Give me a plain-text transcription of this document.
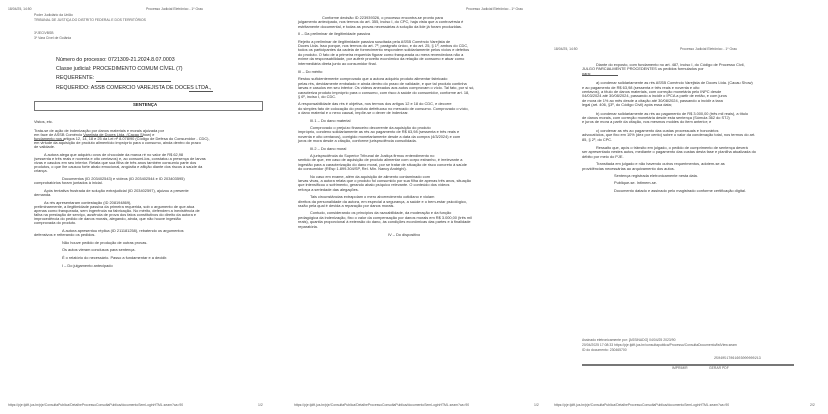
18/04/25, 14:50	Processo Judicial Eletrônico - 1º Grau
Poder Judiciário da União
TRIBUNAL DE JUSTIÇA DO DISTRITO FEDERAL E DOS TERRITÓRIOS
3ºJECIVBSB
3º Vara Cível de Goiânia
Número do processo: 0721309-21.2024.8.07.0003
Classe judicial: PROCEDIMENTO COMUM CÍVEL (7)
REQUERENTE:
REQUERIDO: ASSB COMERCIO VAREJISTA DE DOCES LTDA.,
SENTENÇA
Vistos, etc.
Trata-se de ação de indenização por danos materiais e morais ajuizada por
em face de ASSB Comércio Varejista de Doces Ltda. (Cacau Show) e
fundamento nos artigos 12, 14, 18 e 25 da Lei nº 8.078/90 (Código de Defesa do Consumidor - CDC),
em virtude da aquisição de produto alimentício impróprio para o consumo, ainda dentro do prazo
de validade.
A autora alega que adquiriu ovos de chocolate da marca ré no valor de R$ 62,98
(sessenta e três reais e noventa e oito centavos) e, ao consumi-los, constatou a presença de larvas
vivas e casulos em seu interior. Relata que sua filha de três anos também consumiu parte dos
produtos, o que lhe causou forte abalo emocional, angústia e aflição diante dos riscos à saúde da
criança.
Documentos (ID 203402543) e vídeos (ID 203402544 e ID 203403595)
comprobatórios foram juntados à inicial.
Após tentativa frustrada de solução extrajudicial (ID 203402597), ajuizou a presente
demanda.
As rés apresentaram contestação (ID 208194869),
preliminarmente, a ilegitimidade passiva da primeira requerida, sob o argumento de que atua
apenas como franqueada, sem ingerência na fabricação. No mérito, defendem a inexistência de
falha na prestação de serviço, ausência de prova dos fatos constitutivos do direito da autora e
improcedência do pedido de danos morais, alegando, ainda, que não houve ingestão
comprovada do produto.
A autora apresentou réplica (ID 211181258), rebatendo os argumentos
defensivos e reiterando os pedidos.
Não houve pedido de produção de outras provas.
Os autos vieram conclusos para sentença.
É o relatório do necessário. Passo a fundamentar e a decidir.
I – Do julgamento antecipado
https://pje.tjdft.jus.br/pje/ConsultaPublica/DetalheProcessoConsultaPublica/documentoSemLoginHTML.seam?ca=90	1/2
Processo Judicial Eletrônico - 1º Grau
Conforme decisão ID 223939326, o processo encontra-se pronto para
julgamento antecipado, nos termos do art. 355, inciso I, do CPC, haja vista que a controvérsia é
estritamente documental, e todas as provas necessárias à solução da lide já foram produzidas.
II – Da preliminar de ilegitimidade passiva
Rejeito a preliminar de ilegitimidade passiva suscitada pela ASSB Comércio Varejista de
Doces Ltda. Isso porque, nos termos do art. 7º, parágrafo único, e do art. 25, § 1º, ambos do CDC,
todos os participantes da cadeia de fornecimento respondem solidariamente pelos vícios e defeitos
do produto. O fato de a primeira requerida figurar como franqueada ou mera revendedora não a
exime da responsabilidade, por auferir proveito econômico da relação de consumo e atuar como
intermediária direta junto ao consumidor final.
III – Do mérito
Restou suficientemente comprovado que a autora adquiriu produto alimentar fabricado
pelas rés, devidamente embalado e ainda dentro do prazo de validade, e que tal produto continha
larvas e casulos em seu interior. Os vídeos anexados aos autos comprovam o vício. Tal fato, por si só,
caracteriza produto impróprio para o consumo, com risco à saúde do consumidor, conforme art. 18,
§ 6º, inciso I, do CDC.
A responsabilidade das rés é objetiva, nos termos dos artigos 12 e 18 do CDC, e decorre
do simples fato de colocação do produto defeituoso no mercado de consumo. Comprovado o vício,
o dano material e o nexo causal, impõe-se o dever de indenizar.
III.1 – Do dano material
Comprovado o prejuízo financeiro decorrente da aquisição do produto
impróprio, condeno solidariamente as rés ao pagamento de R$ 63,98 (sessenta e três reais e
noventa e oito centavos), corrigido monetariamente desde a data da compra (4/3/2024) e com
juros de mora desde a citação, conforme jurisprudência consolidada.
III.2 – Do dano moral
A jurisprudência do Superior Tribunal de Justiça firmou entendimento no
sentido de que, em caso de aquisição de produto alimentar com corpo estranho, é irrelevante a
ingestão para a caracterização do dano moral, por se tratar de situação de risco concreto à saúde
do consumidor (REsp 1.899.304/SP, Rel. Min. Nancy Andrighi).
No caso em exame, além da aquisição de alimento contaminado com
larvas vivas, a autora relata que o produto foi consumido por sua filha de apenas três anos, situação
que intensificou o sofrimento, gerando abalo psíquico relevante. O conteúdo dos vídeos
reforça a seriedade das alegações.
Tais circunstâncias extrapolam o mero aborrecimento cotidiano e violam
direitos da personalidade da autora, em especial a segurança, a saúde e o bem-estar psicológico,
razão pela qual é devida a reparação por danos morais.
Contudo, considerando os princípios da razoabilidade, da moderação e da função
pedagógica da indenização, fixo o valor da compensação por danos morais em R$ 3.000,00 (três mil
reais), quantia proporcional à extensão do dano, às condições econômicas das partes e à finalidade
reparatória.
IV – Do dispositivo
https://pje.tjdft.jus.br/pje/ConsultaPublica/DetalheProcessoConsultaPublica/documentoSemLoginHTML.seam?ca=90	1/2
18/04/25, 14:50	Processo Judicial Eletrônico - 1º Grau
Diante do exposto, com fundamento no art. 487, inciso I, do Código de Processo Civil,
JULGO PARCIALMENTE PROCEDENTES os pedidos formulados por
para:
a) condenar solidariamente as rés ASSB Comércio Varejista de Doces Ltda. (Cacau Show)
e ao pagamento de R$ 63,98 (sessenta e três reais e noventa e oito
centavos), a título de danos materiais, com correção monetária pelo INPC desde
04/03/2024 até 30/08/2024, passando a incidir o IPCA a partir de então, e com juros
de mora de 1% ao mês desde a citação até 30/08/2024, passando a incidir a taxa
legal (art. 406, §3º, do Código Civil) após essa data;
b) condenar solidariamente as rés ao pagamento de R$ 3.000,00 (três mil reais), a título
de danos morais, com correção monetária desde esta sentença (Súmula 362 do STJ)
e juros de mora a partir da citação, nos mesmos moldes do item anterior; e
c) condenar as rés ao pagamento das custas processuais e honorários
advocatícios, que fixo em 10% (dez por cento) sobre o valor da condenação total, nos termos do art.
85, § 2º, do CPC.
Ressalto que, após o trânsito em julgado, o pedido de cumprimento de sentença deverá
ser apresentado nestes autos, mediante o pagamento das custas desta fase e planilha atualizada do
débito por meio do PJE.
Transitada em julgado e não havendo outros requerimentos, adotem-se as
providências necessárias ao arquivamento dos autos.
Sentença registrada eletronicamente nesta data.
Publique-se. Intimem-se.
Documento datado e assinado pelo magistrado conforme certificação digital.
Assinado eletronicamente por: [ASSINADO] 04/04/25 2023/90
20/04/2025 17:08:33 https://pje.tjdft.jus.br/consultapublica/Processo/ConsultaDocumento/listView.seam
ID do documento: 230465700
25040517061603000000213
IMPRIMIR	GERAR PDF
https://pje.tjdft.jus.br/pje/ConsultaPublica/DetalheProcessoConsultaPublica/documentoSemLoginHTML.seam?ca=90	2/2
